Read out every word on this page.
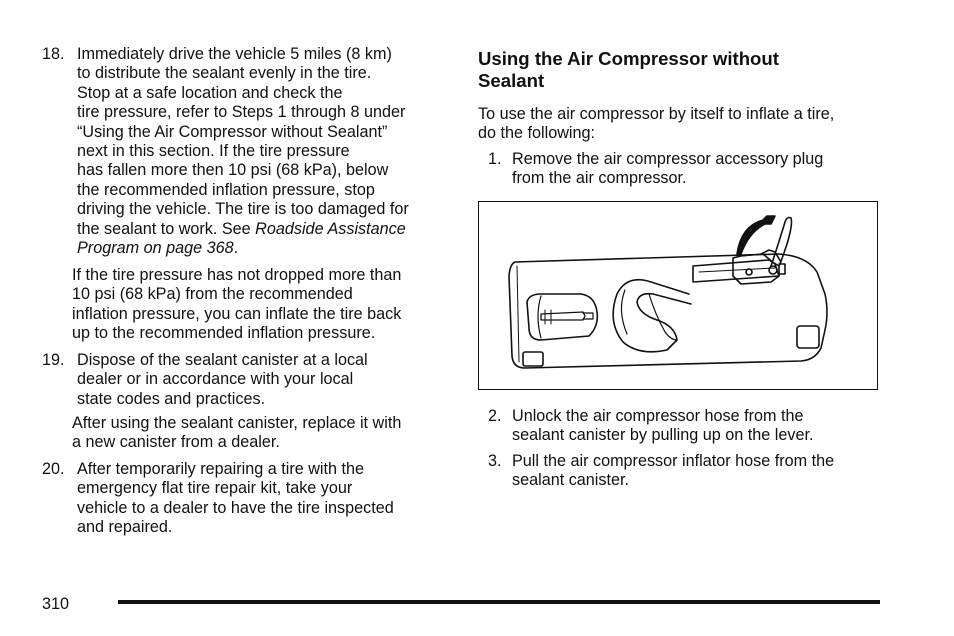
18. Immediately drive the vehicle 5 miles (8 km)
to distribute the sealant evenly in the tire.
Stop at a safe location and check the
tire pressure, refer to Steps 1 through 8 under
“Using the Air Compressor without Sealant”
next in this section. If the tire pressure
has fallen more then 10 psi (68 kPa), below
the recommended inflation pressure, stop
driving the vehicle. The tire is too damaged for
the sealant to work. See Roadside Assistance
Program on page 368.
If the tire pressure has not dropped more than
10 psi (68 kPa) from the recommended
inflation pressure, you can inflate the tire back
up to the recommended inflation pressure.
19. Dispose of the sealant canister at a local
dealer or in accordance with your local
state codes and practices.
After using the sealant canister, replace it with
a new canister from a dealer.
20. After temporarily repairing a tire with the
emergency flat tire repair kit, take your
vehicle to a dealer to have the tire inspected
and repaired.
Using the Air Compressor without
Sealant
To use the air compressor by itself to inflate a tire,
do the following:
1. Remove the air compressor accessory plug
from the air compressor.
2. Unlock the air compressor hose from the
sealant canister by pulling up on the lever.
3. Pull the air compressor inflator hose from the
sealant canister.
310
